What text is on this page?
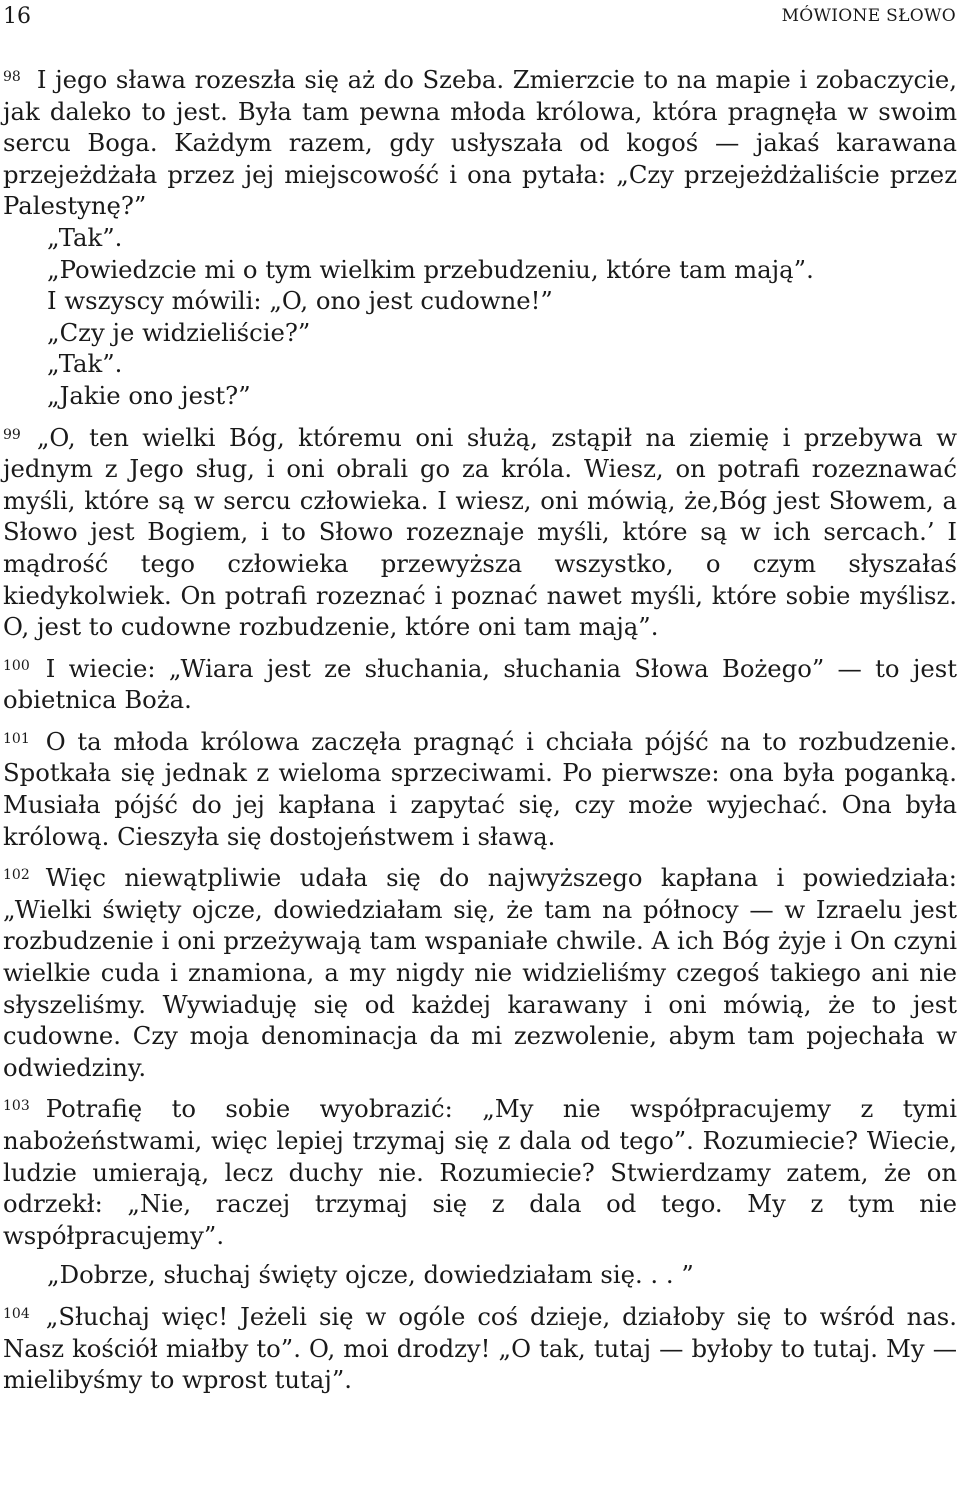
16	MÓWIONE SŁOWO

$^{98}$ I jego sława rozeszła się aż do Szeba. Zmierzcie to na mapie i zobaczycie, jak daleko to jest. Była tam pewna młoda królowa, która pragnęła w swoim sercu Boga. Każdym razem, gdy usłyszała od kogoś — jakaś karawana przejeżdżała przez jej miejscowość i ona pytała: „Czy przejeżdżaliście przez Palestynę?”

„Tak”.

„Powiedzcie mi o tym wielkim przebudzeniu, które tam mają”.

I wszyscy mówili: „O, ono jest cudowne!”

„Czy je widzieliście?”

„Tak”.

„Jakie ono jest?”

$^{99}$ „O, ten wielki Bóg, któremu oni służą, zstąpił na ziemię i przebywa w jednym z Jego sług, i oni obrali go za króla. Wiesz, on potrafi rozeznawać myśli, które są w sercu człowieka. I wiesz, oni mówią, że‚Bóg jest Słowem, a Słowo jest Bogiem, i to Słowo rozeznaje myśli, które są w ich sercach.’ I mądrość tego człowieka przewyższa wszystko, o czym słyszałaś kiedykolwiek. On potrafi rozeznać i poznać nawet myśli, które sobie myślisz. O, jest to cudowne rozbudzenie, które oni tam mają”.

$^{100}$ I wiecie: „Wiara jest ze słuchania, słuchania Słowa Bożego” — to jest obietnica Boża.

$^{101}$ O ta młoda królowa zaczęła pragnąć i chciała pójść na to rozbudzenie. Spotkała się jednak z wieloma sprzeciwami. Po pierwsze: ona była poganką. Musiała pójść do jej kapłana i zapytać się, czy może wyjechać. Ona była królową. Cieszyła się dostojeństwem i sławą.

$^{102}$ Więc niewątpliwie udała się do najwyższego kapłana i powiedziała: „Wielki święty ojcze, dowiedziałam się, że tam na północy — w Izraelu jest rozbudzenie i oni przeżywają tam wspaniałe chwile. A ich Bóg żyje i On czyni wielkie cuda i znamiona, a my nigdy nie widzieliśmy czegoś takiego ani nie słyszeliśmy. Wywiaduję się od każdej karawany i oni mówią, że to jest cudowne. Czy moja denominacja da mi zezwolenie, abym tam pojechała w odwiedziny.

$^{103}$ Potrafię to sobie wyobrazić: „My nie współpracujemy z tymi nabożeństwami, więc lepiej trzymaj się z dala od tego”. Rozumiecie? Wiecie, ludzie umierają, lecz duchy nie. Rozumiecie? Stwierdzamy zatem, że on odrzekł: „Nie, raczej trzymaj się z dala od tego. My z tym nie współpracujemy”.

„Dobrze, słuchaj święty ojcze, dowiedziałam się. . . ”

$^{104}$ „Słuchaj więc! Jeżeli się w ogóle coś dzieje, działoby się to wśród nas. Nasz kościół miałby to”. O, moi drodzy! „O tak, tutaj — byłoby to tutaj. My — mielibyśmy to wprost tutaj”.
